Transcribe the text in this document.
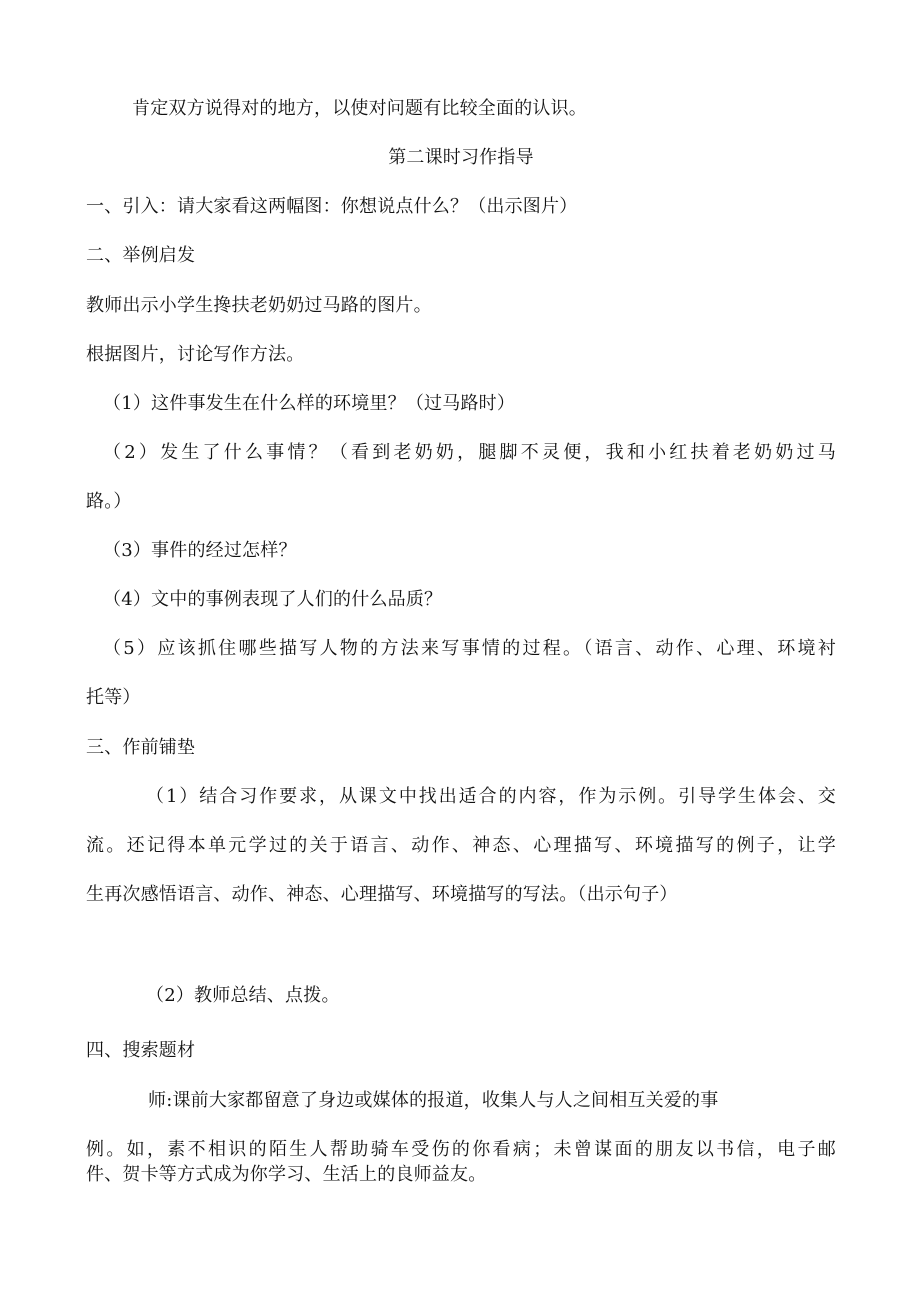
肯定双方说得对的地方，以使对问题有比较全面的认识。
第二课时习作指导
一、引入：请大家看这两幅图：你想说点什么？（出示图片）
二、举例启发
教师出示小学生搀扶老奶奶过马路的图片。
根据图片，讨论写作方法。
（1）这件事发生在什么样的环境里？（过马路时）
（2）发生了什么事情？（看到老奶奶，腿脚不灵便，我和小红扶着老奶奶过马
路。）
（3）事件的经过怎样？
（4）文中的事例表现了人们的什么品质？
（5）应该抓住哪些描写人物的方法来写事情的过程。（语言、动作、心理、环境衬
托等）
三、作前铺垫
（1）结合习作要求，从课文中找出适合的内容，作为示例。引导学生体会、交
流。还记得本单元学过的关于语言、动作、神态、心理描写、环境描写的例子，让学
生再次感悟语言、动作、神态、心理描写、环境描写的写法。（出示句子）
（2）教师总结、点拨。
四、搜索题材
师:课前大家都留意了身边或媒体的报道，收集人与人之间相互关爱的事
例。如，素不相识的陌生人帮助骑车受伤的你看病；未曾谋面的朋友以书信，电子邮
件、贺卡等方式成为你学习、生活上的良师益友。
